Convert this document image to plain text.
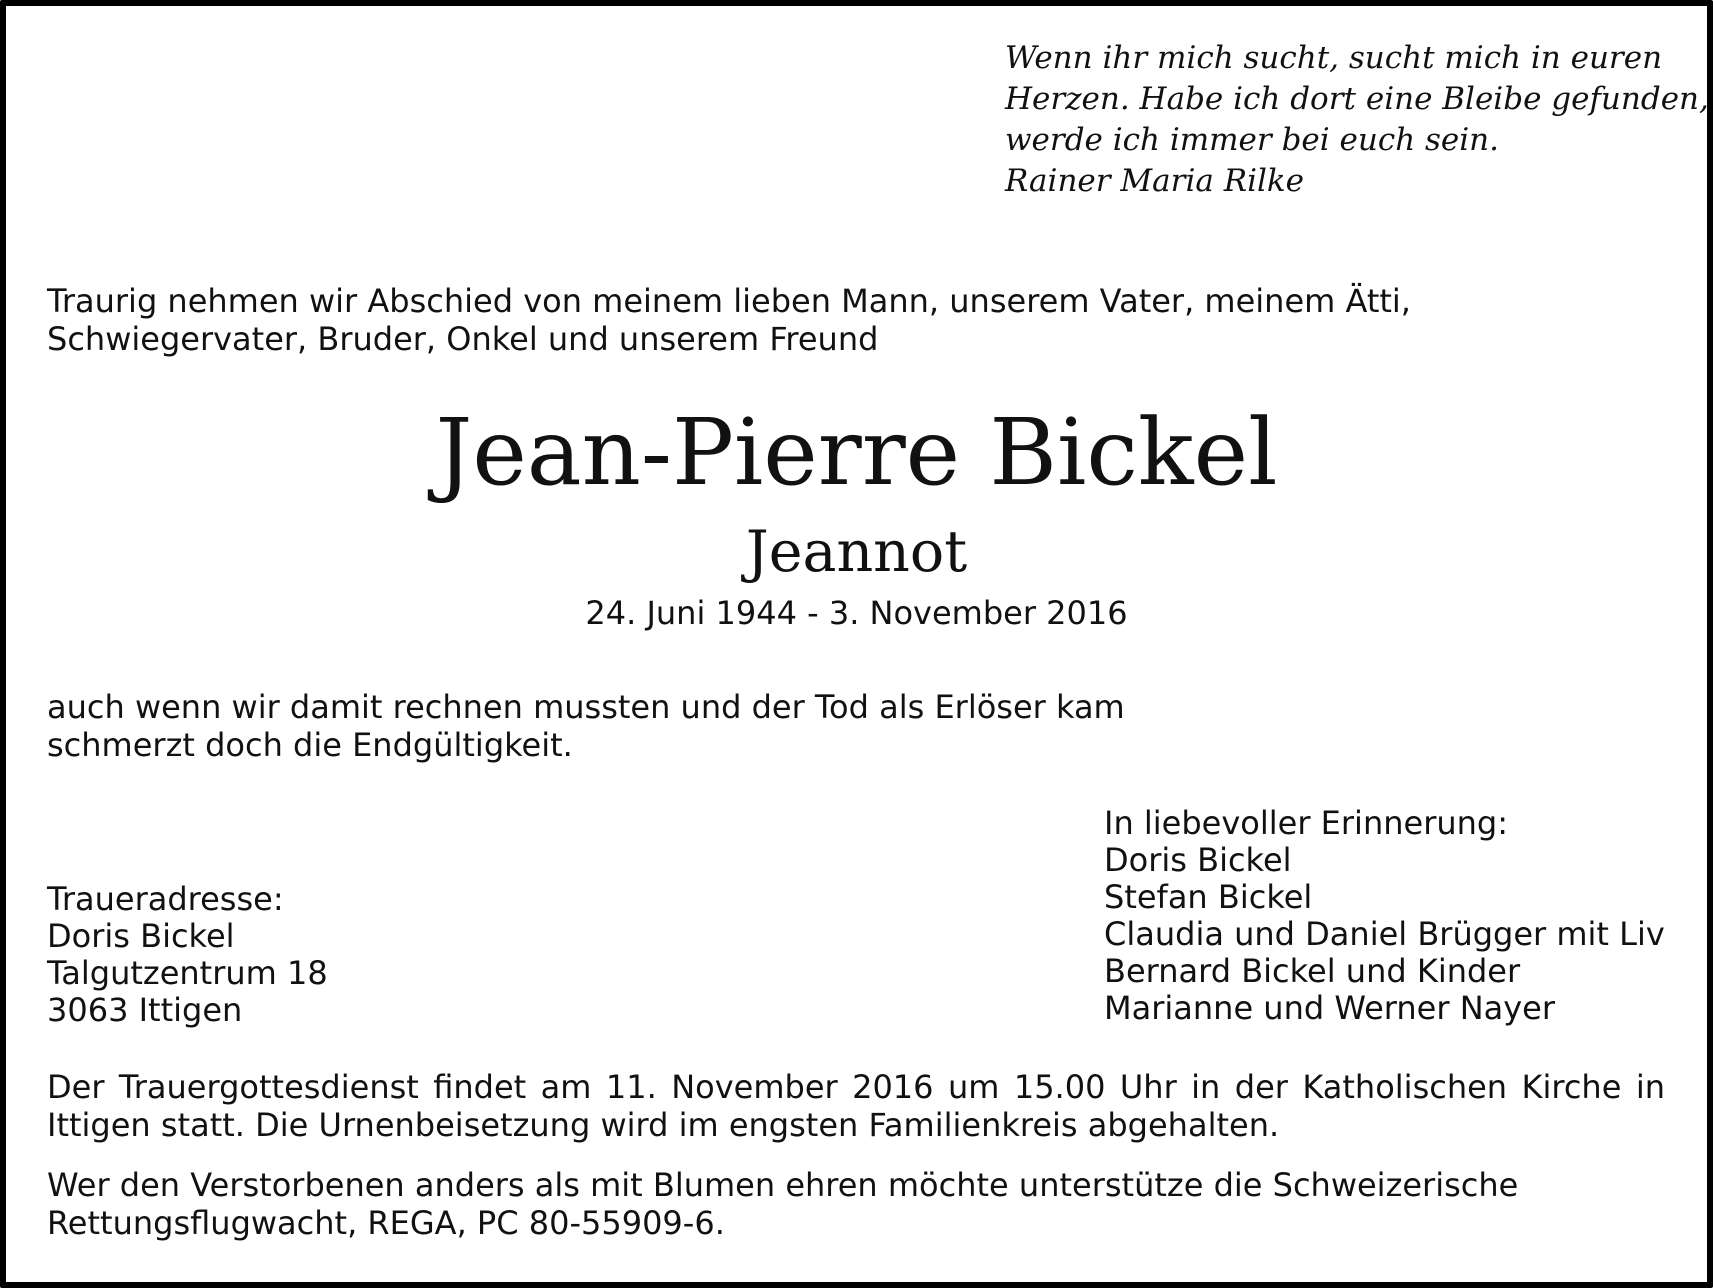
Wenn ihr mich sucht, sucht mich in euren
Herzen. Habe ich dort eine Bleibe gefunden,
werde ich immer bei euch sein.
Rainer Maria Rilke
Traurig nehmen wir Abschied von meinem lieben Mann, unserem Vater, meinem Ätti,
Schwiegervater, Bruder, Onkel und unserem Freund
Jean-Pierre Bickel
Jeannot
24. Juni 1944 - 3. November 2016
auch wenn wir damit rechnen mussten und der Tod als Erlöser kam
schmerzt doch die Endgültigkeit.
In liebevoller Erinnerung:
Doris Bickel
Stefan Bickel
Claudia und Daniel Brügger mit Liv
Bernard Bickel und Kinder
Marianne und Werner Nayer
Traueradresse:
Doris Bickel
Talgutzentrum 18
3063 Ittigen
Der Trauergottesdienst findet am 11. November 2016 um 15.00 Uhr in der Katholischen Kirche in
Ittigen statt. Die Urnenbeisetzung wird im engsten Familienkreis abgehalten.
Wer den Verstorbenen anders als mit Blumen ehren möchte unterstütze die Schweizerische
Rettungsflugwacht, REGA, PC 80-55909-6.
